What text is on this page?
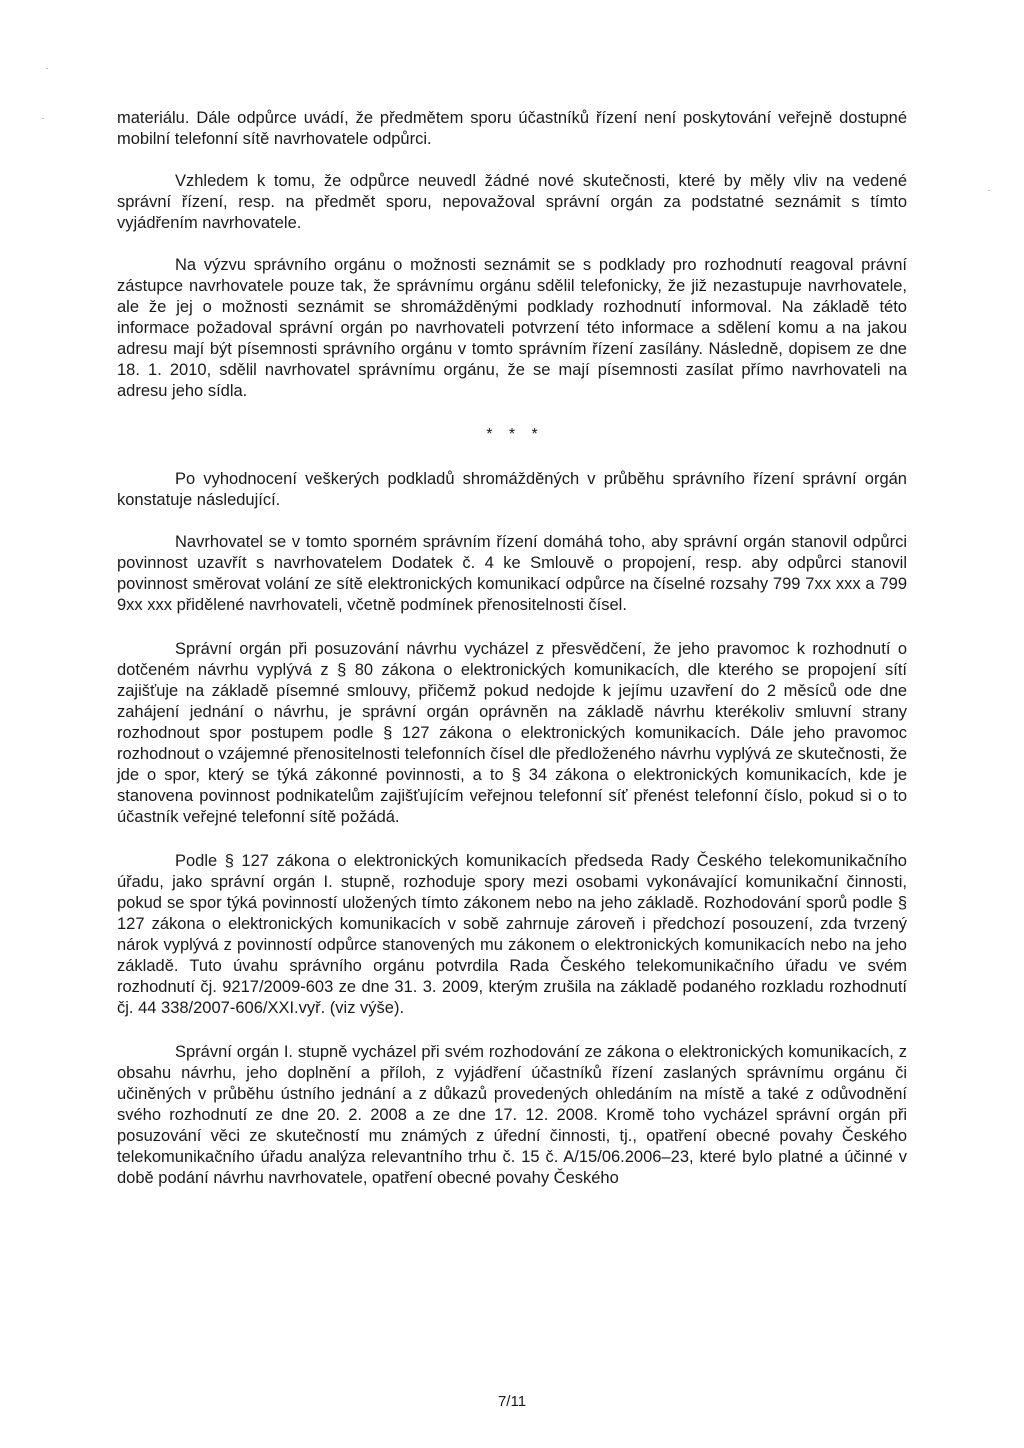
materiálu. Dále odpůrce uvádí, že předmětem sporu účastníků řízení není poskytování veřejně dostupné mobilní telefonní sítě navrhovatele odpůrci.

Vzhledem k tomu, že odpůrce neuvedl žádné nové skutečnosti, které by měly vliv na vedené správní řízení, resp. na předmět sporu, nepovažoval správní orgán za podstatné seznámit s tímto vyjádřením navrhovatele.

Na výzvu správního orgánu o možnosti seznámit se s podklady pro rozhodnutí reagoval právní zástupce navrhovatele pouze tak, že správnímu orgánu sdělil telefonicky, že již nezastupuje navrhovatele, ale že jej o možnosti seznámit se shromážděnými podklady rozhodnutí informoval. Na základě této informace požadoval správní orgán po navrhovateli potvrzení této informace a sdělení komu a na jakou adresu mají být písemnosti správního orgánu v tomto správním řízení zasílány. Následně, dopisem ze dne 18. 1. 2010, sdělil navrhovatel správnímu orgánu, že se mají písemnosti zasílat přímo navrhovateli na adresu jeho sídla.

* * *

Po vyhodnocení veškerých podkladů shromážděných v průběhu správního řízení správní orgán konstatuje následující.

Navrhovatel se v tomto sporném správním řízení domáhá toho, aby správní orgán stanovil odpůrci povinnost uzavřít s navrhovatelem Dodatek č. 4 ke Smlouvě o propojení, resp. aby odpůrci stanovil povinnost směrovat volání ze sítě elektronických komunikací odpůrce na číselné rozsahy 799 7xx xxx a 799 9xx xxx přidělené navrhovateli, včetně podmínek přenositelnosti čísel.

Správní orgán při posuzování návrhu vycházel z přesvědčení, že jeho pravomoc k rozhodnutí o dotčeném návrhu vyplývá z § 80 zákona o elektronických komunikacích, dle kterého se propojení sítí zajišťuje na základě písemné smlouvy, přičemž pokud nedojde k jejímu uzavření do 2 měsíců ode dne zahájení jednání o návrhu, je správní orgán oprávněn na základě návrhu kterékoliv smluvní strany rozhodnout spor postupem podle § 127 zákona o elektronických komunikacích. Dále jeho pravomoc rozhodnout o vzájemné přenositelnosti telefonních čísel dle předloženého návrhu vyplývá ze skutečnosti, že jde o spor, který se týká zákonné povinnosti, a to § 34 zákona o elektronických komunikacích, kde je stanovena povinnost podnikatelům zajišťujícím veřejnou telefonní síť přenést telefonní číslo, pokud si o to účastník veřejné telefonní sítě požádá.

Podle § 127 zákona o elektronických komunikacích předseda Rady Českého telekomunikačního úřadu, jako správní orgán I. stupně, rozhoduje spory mezi osobami vykonávající komunikační činnosti, pokud se spor týká povinností uložených tímto zákonem nebo na jeho základě. Rozhodování sporů podle § 127 zákona o elektronických komunikacích v sobě zahrnuje zároveň i předchozí posouzení, zda tvrzený nárok vyplývá z povinností odpůrce stanovených mu zákonem o elektronických komunikacích nebo na jeho základě. Tuto úvahu správního orgánu potvrdila Rada Českého telekomunikačního úřadu ve svém rozhodnutí čj. 9217/2009-603 ze dne 31. 3. 2009, kterým zrušila na základě podaného rozkladu rozhodnutí čj. 44 338/2007-606/XXI.vyř. (viz výše).

Správní orgán I. stupně vycházel při svém rozhodování ze zákona o elektronických komunikacích, z obsahu návrhu, jeho doplnění a příloh, z vyjádření účastníků řízení zaslaných správnímu orgánu či učiněných v průběhu ústního jednání a z důkazů provedených ohledáním na místě a také z odůvodnění svého rozhodnutí ze dne 20. 2. 2008 a ze dne 17. 12. 2008. Kromě toho vycházel správní orgán při posuzování věci ze skutečností mu známých z úřední činnosti, tj., opatření obecné povahy Českého telekomunikačního úřadu analýza relevantního trhu č. 15 č. A/15/06.2006–23, které bylo platné a účinné v době podání návrhu navrhovatele, opatření obecné povahy Českého

7/11
